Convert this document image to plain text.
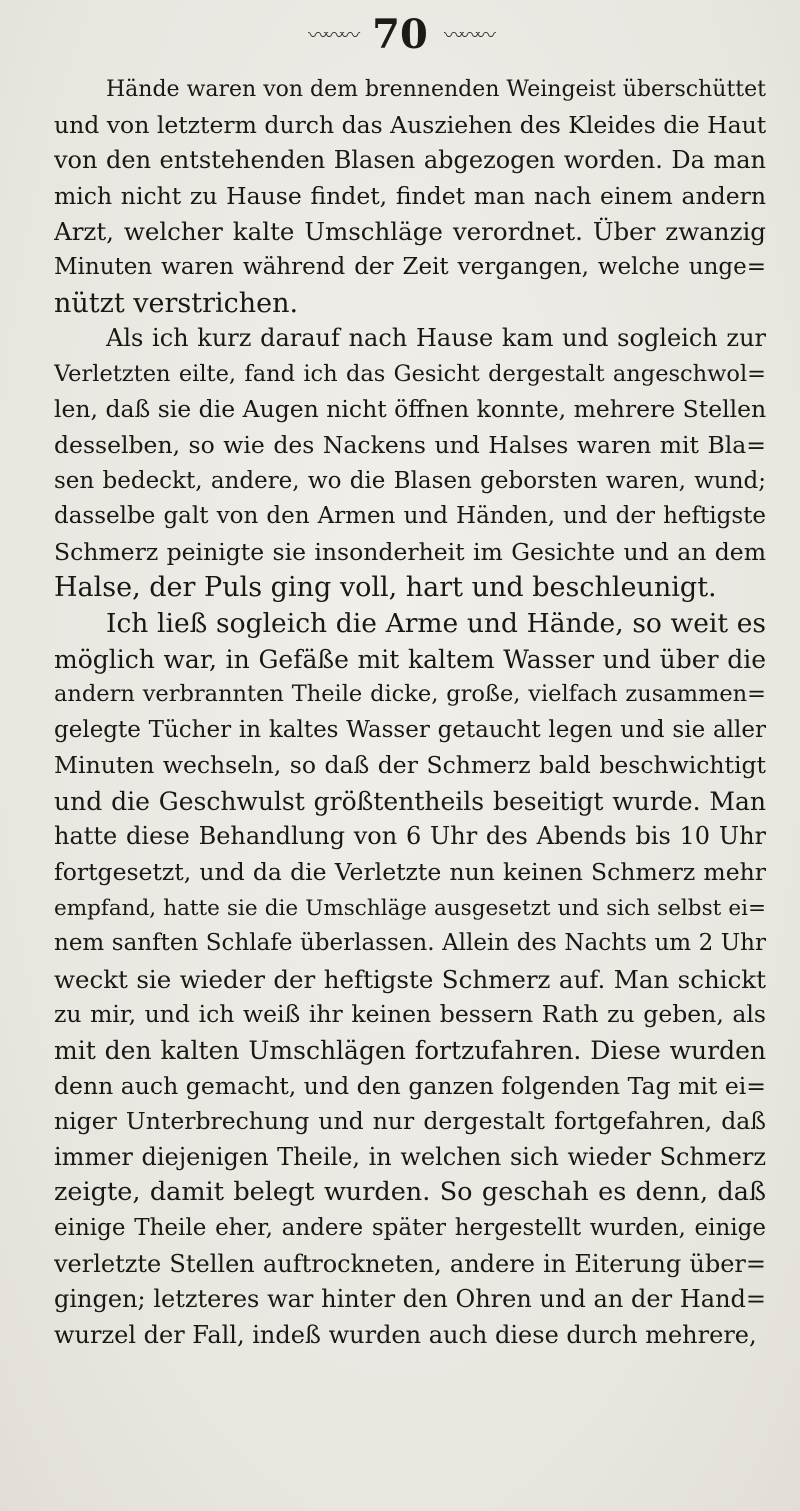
〰〰〰 70 〰〰〰
Hände waren von dem brennenden Weingeist überschüttet
und von letzterm durch das Ausziehen des Kleides die Haut
von den entstehenden Blasen abgezogen worden. Da man
mich nicht zu Hause findet, findet man nach einem andern
Arzt, welcher kalte Umschläge verordnet. Über zwanzig
Minuten waren während der Zeit vergangen, welche unge=
nützt verstrichen.
Als ich kurz darauf nach Hause kam und sogleich zur
Verletzten eilte, fand ich das Gesicht dergestalt angeschwol=
len, daß sie die Augen nicht öffnen konnte, mehrere Stellen
desselben, so wie des Nackens und Halses waren mit Bla=
sen bedeckt, andere, wo die Blasen geborsten waren, wund;
dasselbe galt von den Armen und Händen, und der heftigste
Schmerz peinigte sie insonderheit im Gesichte und an dem
Halse, der Puls ging voll, hart und beschleunigt.
Ich ließ sogleich die Arme und Hände, so weit es
möglich war, in Gefäße mit kaltem Wasser und über die
andern verbrannten Theile dicke, große, vielfach zusammen=
gelegte Tücher in kaltes Wasser getaucht legen und sie aller
Minuten wechseln, so daß der Schmerz bald beschwichtigt
und die Geschwulst größtentheils beseitigt wurde. Man
hatte diese Behandlung von 6 Uhr des Abends bis 10 Uhr
fortgesetzt, und da die Verletzte nun keinen Schmerz mehr
empfand, hatte sie die Umschläge ausgesetzt und sich selbst ei=
nem sanften Schlafe überlassen. Allein des Nachts um 2 Uhr
weckt sie wieder der heftigste Schmerz auf. Man schickt
zu mir, und ich weiß ihr keinen bessern Rath zu geben, als
mit den kalten Umschlägen fortzufahren. Diese wurden
denn auch gemacht, und den ganzen folgenden Tag mit ei=
niger Unterbrechung und nur dergestalt fortgefahren, daß
immer diejenigen Theile, in welchen sich wieder Schmerz
zeigte, damit belegt wurden. So geschah es denn, daß
einige Theile eher, andere später hergestellt wurden, einige
verletzte Stellen auftrockneten, andere in Eiterung über=
gingen; letzteres war hinter den Ohren und an der Hand=
wurzel der Fall, indeß wurden auch diese durch mehrere,
